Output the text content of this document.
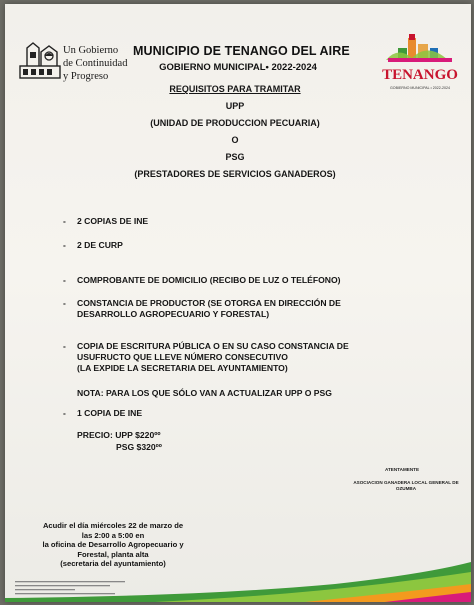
Un Gobierno
de Continuidad
y Progreso
MUNICIPIO DE TENANGO DEL AIRE
GOBIERNO MUNICIPAL• 2022-2024	TENANGO
GOBIERNO MUNICIPAL • 2022-2024
REQUISITOS PARA TRAMITAR
UPP
(UNIDAD DE PRODUCCION PECUARIA)
O
PSG
(PRESTADORES DE SERVICIOS GANADEROS)
- 2 COPIAS DE INE
- 2 DE CURP
- COMPROBANTE DE DOMICILIO (RECIBO DE LUZ O TELÉFONO)
- CONSTANCIA DE PRODUCTOR (SE OTORGA EN DIRECCIÓN DE
DESARROLLO AGROPECUARIO Y FORESTAL)
- COPIA DE ESCRITURA PÚBLICA O EN SU CASO CONSTANCIA DE
USUFRUCTO QUE LLEVE NÚMERO CONSECUTIVO
(LA EXPIDE LA SECRETARIA DEL AYUNTAMIENTO)
NOTA: PARA LOS QUE SÓLO VAN A ACTUALIZAR UPP O PSG
- 1 COPIA DE INE
PRECIO: UPP $220ºº
PSG $320ºº
ATENTAMENTE
ASOCIACION GANADERA LOCAL GENERAL DE
OZUMBA
Acudir el día miércoles 22 de marzo de
las 2:00 a 5:00 en
la oficina de Desarrollo Agropecuario y
Forestal, planta alta
(secretaria del ayuntamiento)
